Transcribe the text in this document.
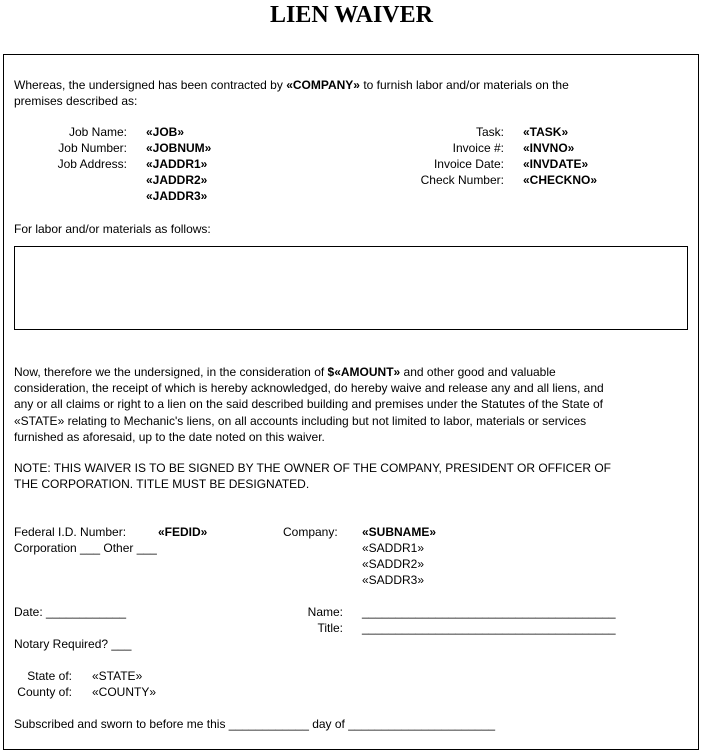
LIEN WAIVER
Whereas, the undersigned has been contracted by «COMPANY» to furnish labor and/or materials on the
premises described as:
Job Name: «JOB»
Job Number: «JOBNUM»
Job Address: «JADDR1»
«JADDR2»
«JADDR3»
Task: «TASK»
Invoice #: «INVNO»
Invoice Date: «INVDATE»
Check Number: «CHECKNO»
For labor and/or materials as follows:
Now, therefore we the undersigned, in the consideration of $«AMOUNT» and other good and valuable
consideration, the receipt of which is hereby acknowledged, do hereby waive and release any and all liens, and
any or all claims or right to a lien on the said described building and premises under the Statutes of the State of
«STATE» relating to Mechanic's liens, on all accounts including but not limited to labor, materials or services
furnished as aforesaid, up to the date noted on this waiver.
NOTE: THIS WAIVER IS TO BE SIGNED BY THE OWNER OF THE COMPANY, PRESIDENT OR OFFICER OF
THE CORPORATION. TITLE MUST BE DESIGNATED.
Federal I.D. Number:	«FEDID»
Corporation ___ Other ___
Company: «SUBNAME»
«SADDR1»
«SADDR2»
«SADDR3»
Date: ____________	Name: ______________________________________
Title: ______________________________________
Notary Required? ___
State of: «STATE»
County of: «COUNTY»
Subscribed and sworn to before me this ____________ day of ______________________
